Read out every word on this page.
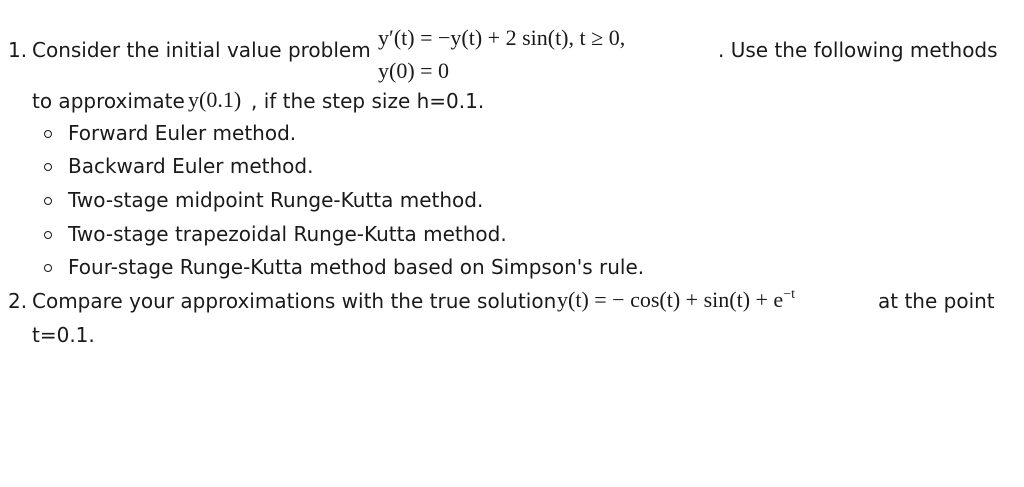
1. Consider the initial value problem y′(t) = −y(t) + 2 sin(t), t ≥ 0,
y(0) = 0
. Use the following methods
to approximate y(0.1) , if the step size h=0.1.
Forward Euler method.
Backward Euler method.
Two-stage midpoint Runge-Kutta method.
Two-stage trapezoidal Runge-Kutta method.
Four-stage Runge-Kutta method based on Simpson's rule.
2. Compare your approximations with the true solution y(t) = − $\cos(t) + \sin(t) + e^{-t}$	at the point
t=0.1.
